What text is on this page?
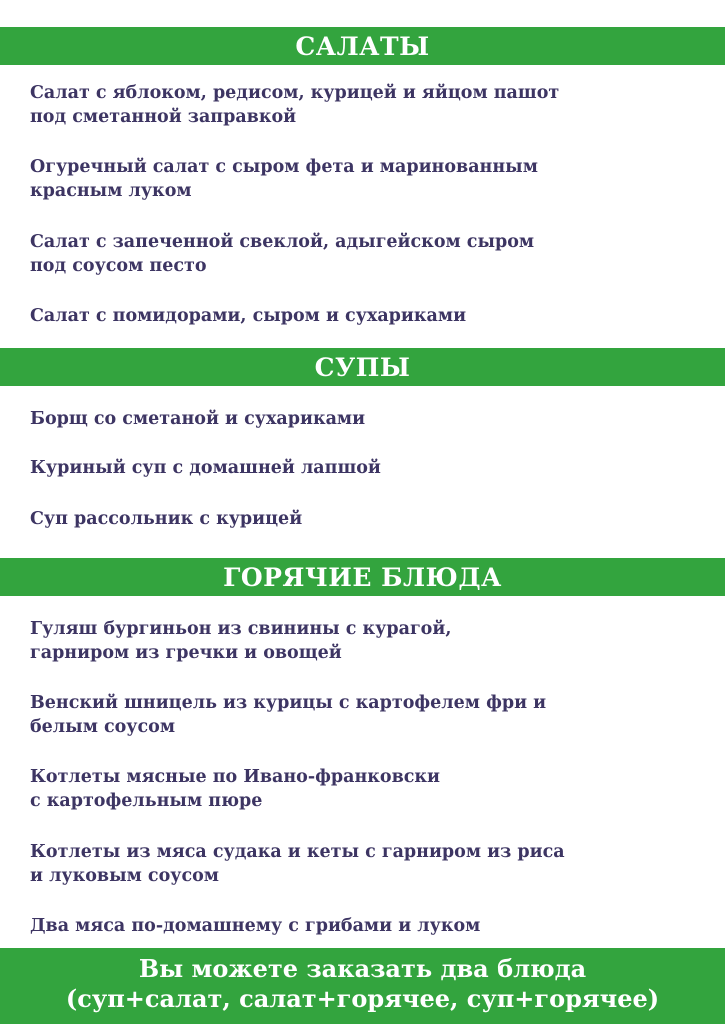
САЛАТЫ
Салат с яблоком, редисом, курицей и яйцом пашот
под сметанной заправкой
Огуречный салат с сыром фета и маринованным
красным луком
Салат с запеченной свеклой, адыгейском сыром
под соусом песто
Салат с помидорами, сыром и сухариками
СУПЫ
Борщ со сметаной и сухариками
Куриный суп с домашней лапшой
Суп рассольник с курицей
ГОРЯЧИЕ БЛЮДА
Гуляш бургиньон из свинины с курагой,
гарниром из гречки и овощей
Венский шницель из курицы с картофелем фри и
белым соусом
Котлеты мясные по Ивано-франковски
с картофельным пюре
Котлеты из мяса судака и кеты с гарниром из риса
и луковым соусом
Два мяса по-домашнему с грибами и луком
Вы можете заказать два блюда
(суп+салат, салат+горячее, суп+горячее)
